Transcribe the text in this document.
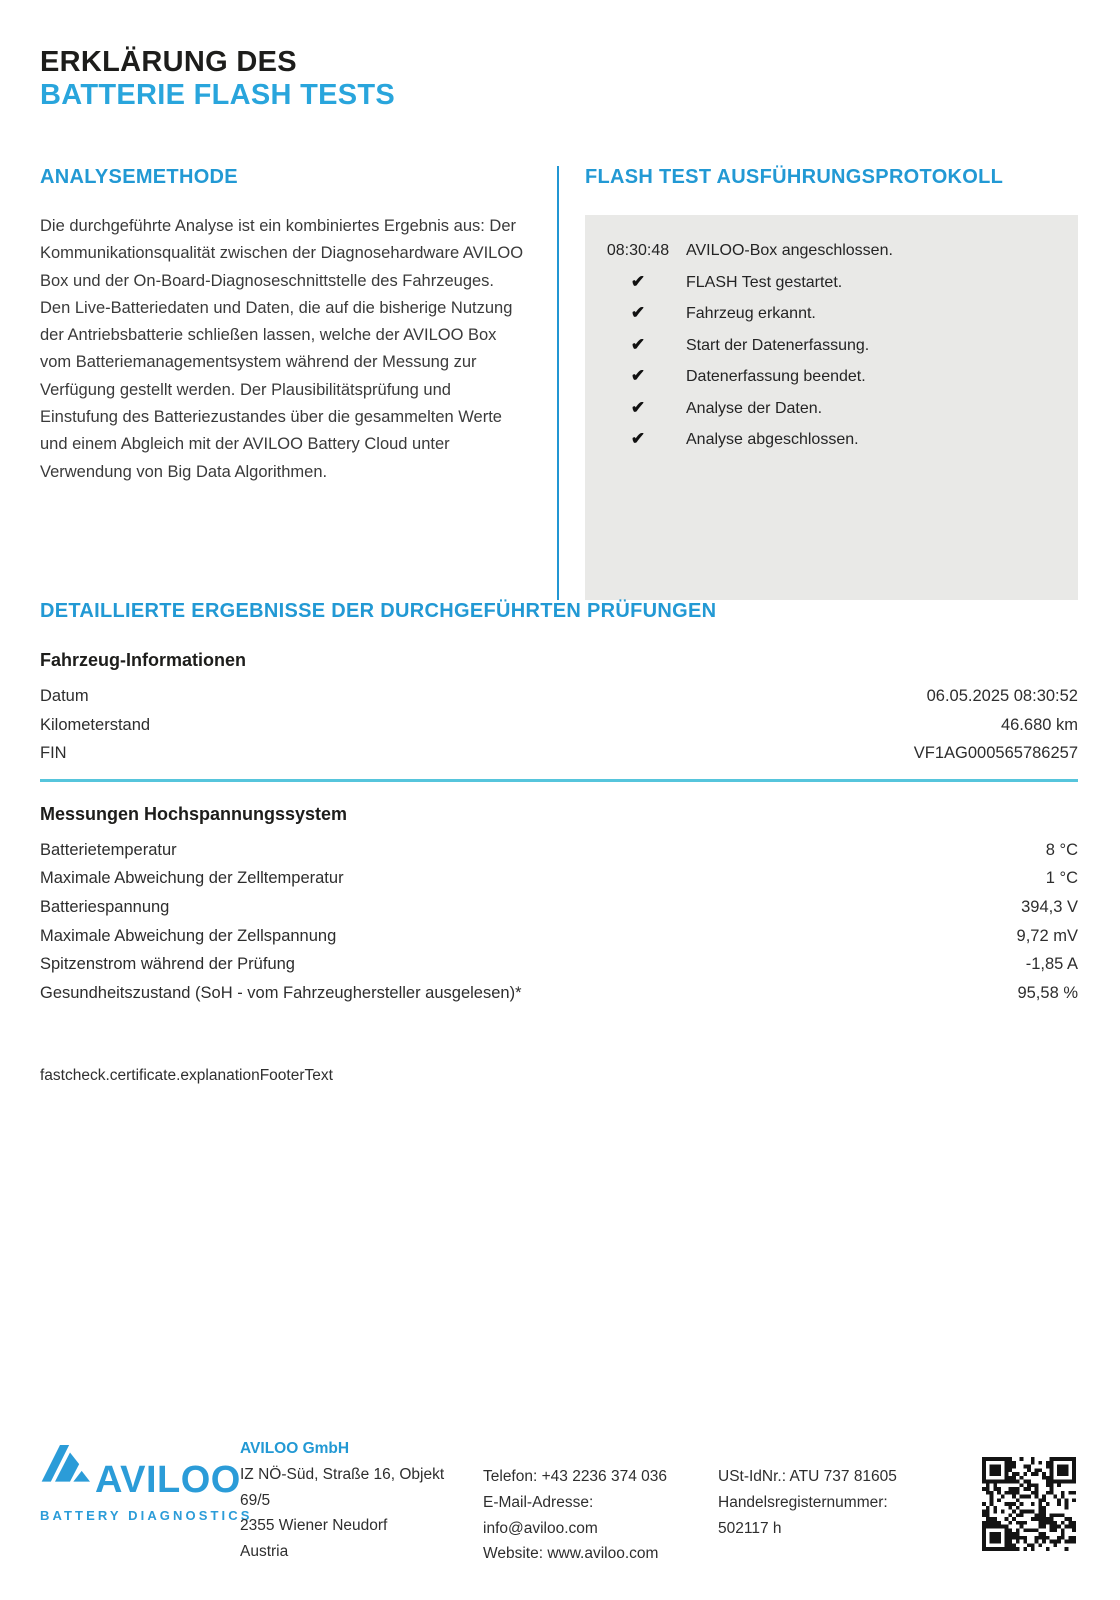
ERKLÄRUNG DES
BATTERIE FLASH TESTS
ANALYSEMETHODE

Die durchgeführte Analyse ist ein kombiniertes Ergebnis aus: Der Kommunikationsqualität zwischen der Diagnosehardware AVILOO Box und der On-Board-Diagnoseschnittstelle des Fahrzeuges. Den Live-Batteriedaten und Daten, die auf die bisherige Nutzung der Antriebsbatterie schließen lassen, welche der AVILOO Box vom Batteriemanagementsystem während der Messung zur Verfügung gestellt werden. Der Plausibilitätsprüfung und Einstufung des Batteriezustandes über die gesammelten Werte und einem Abgleich mit der AVILOO Battery Cloud unter Verwendung von Big Data Algorithmen.

FLASH TEST AUSFÜHRUNGSPROTOKOLL
08:30:48 AVILOO-Box angeschlossen.
✔	FLASH Test gestartet.
✔	Fahrzeug erkannt.
✔	Start der Datenerfassung.
✔	Datenerfassung beendet.
✔	Analyse der Daten.
✔	Analyse abgeschlossen.
DETAILLIERTE ERGEBNISSE DER DURCHGEFÜHRTEN PRÜFUNGEN
Fahrzeug-Informationen
Datum	06.05.2025 08:30:52
Kilometerstand	46.680 km
FIN	VF1AG000565786257
Messungen Hochspannungssystem
Batterietemperatur	8 °C
Maximale Abweichung der Zelltemperatur	1 °C
Batteriespannung	394,3 V
Maximale Abweichung der Zellspannung	9,72 mV
Spitzenstrom während der Prüfung	-1,85 A
Gesundheitszustand (SoH - vom Fahrzeughersteller ausgelesen)*	95,58 %

fastcheck.certificate.explanationFooterText

AVILOO
BATTERY DIAGNOSTICS
AVILOO GmbH
IZ NÖ-Süd, Straße 16, Objekt
69/5
2355 Wiener Neudorf
Austria
Telefon: +43 2236 374 036
E-Mail-Adresse:
info@aviloo.com
Website: www.aviloo.com
USt-IdNr.: ATU 737 81605
Handelsregisternummer:
502117 h
